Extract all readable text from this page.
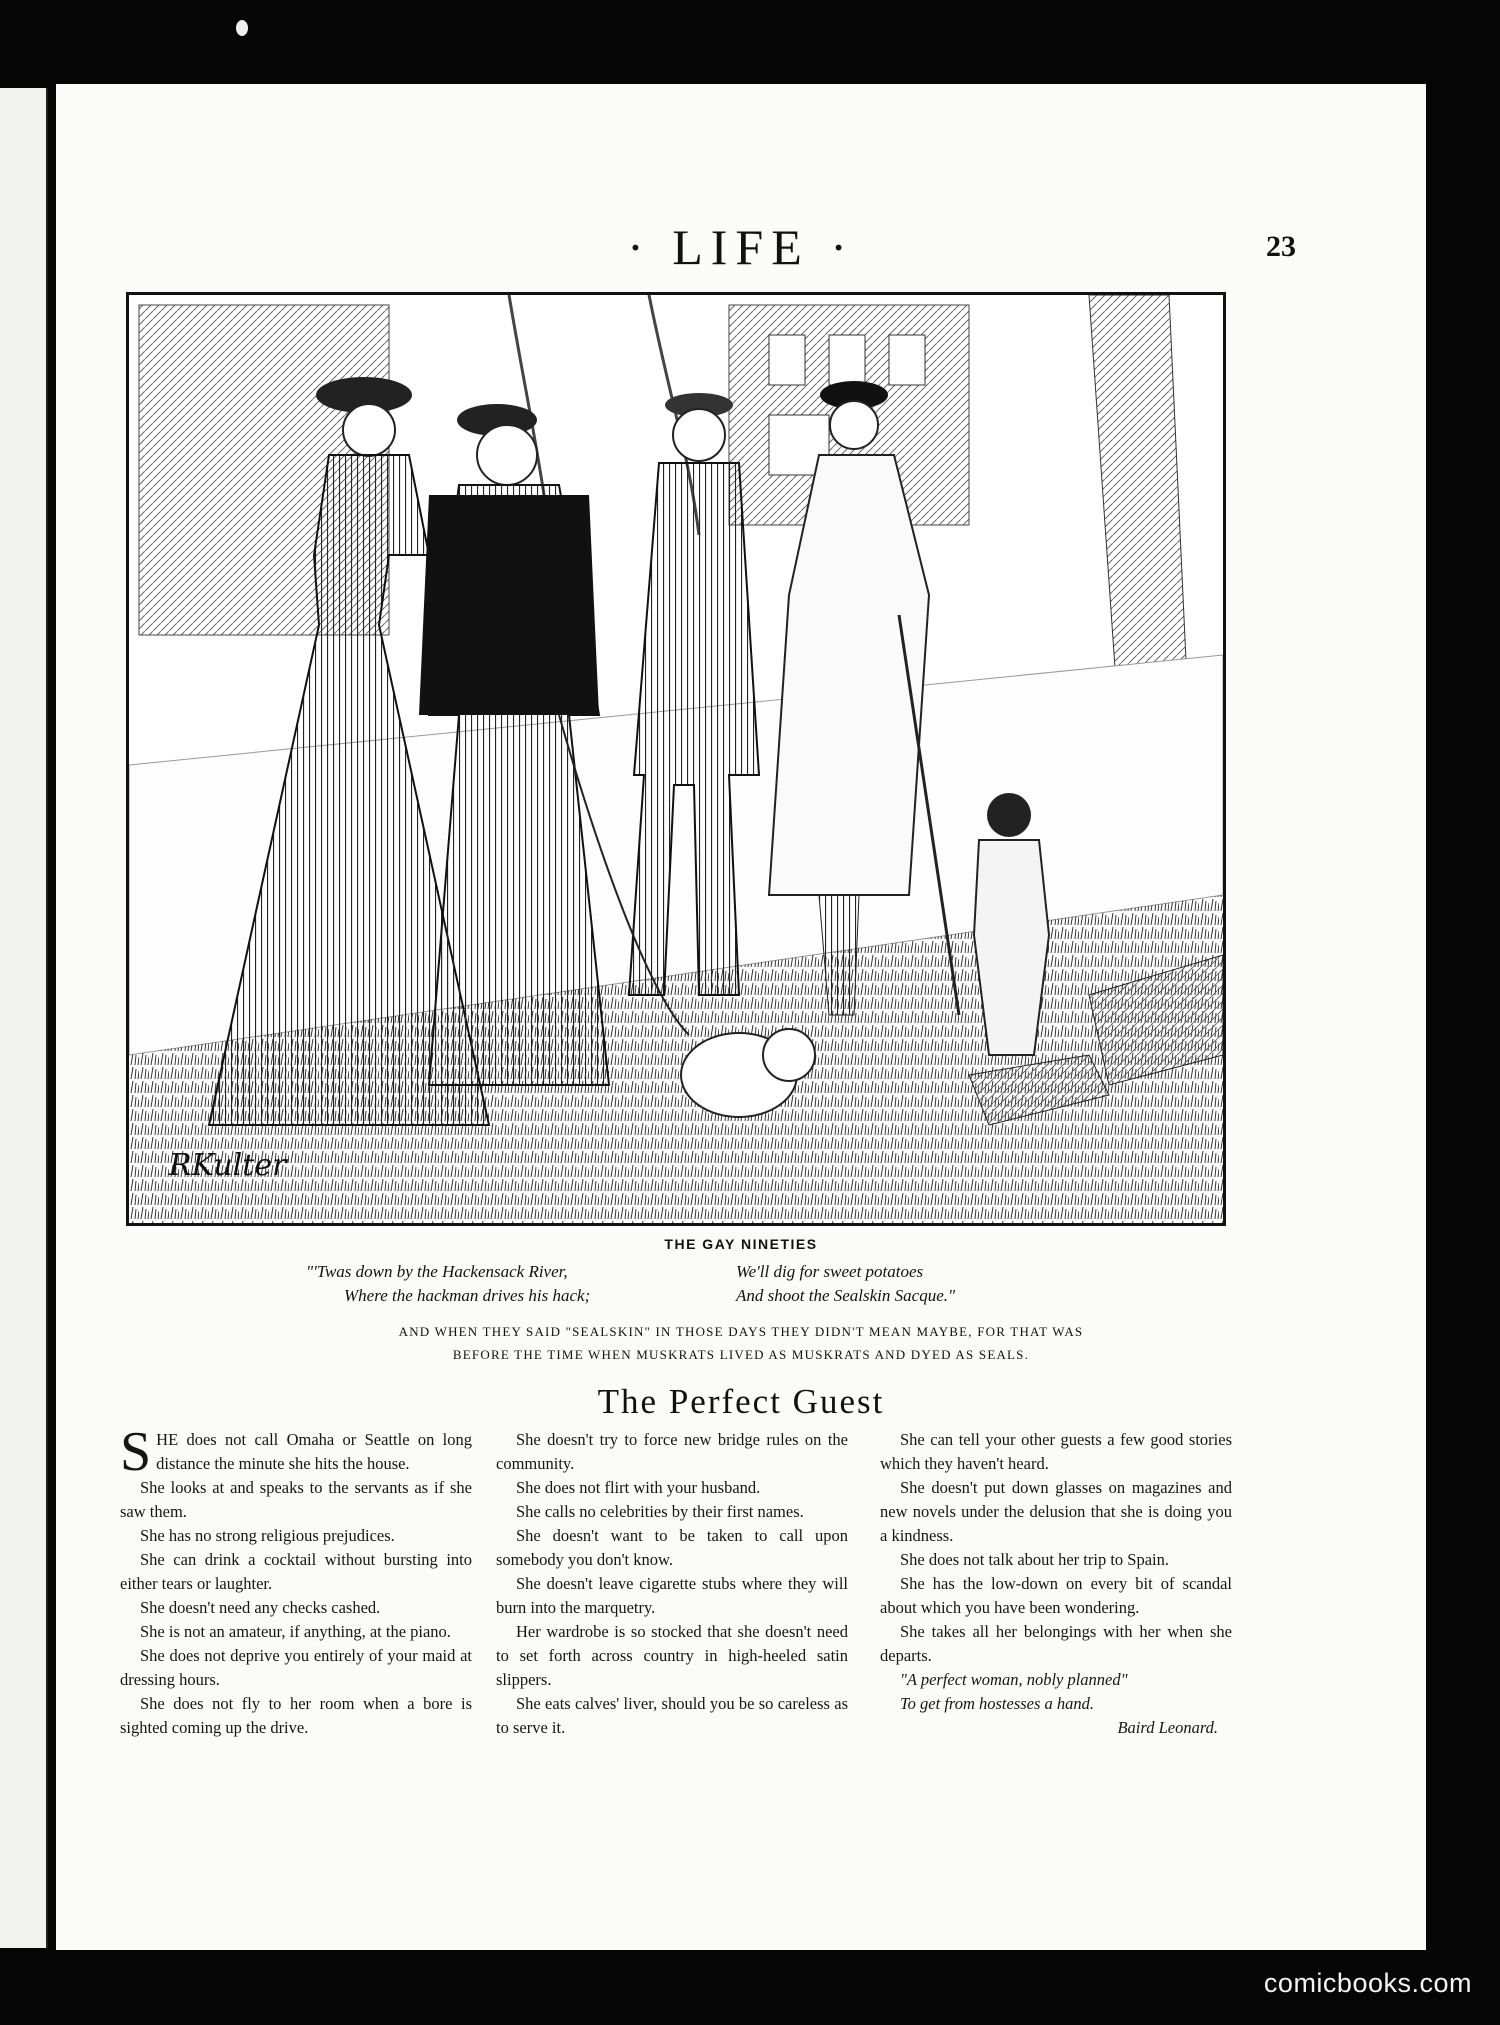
· LIFE ·	23
RKulter
THE GAY NINETIES
"'Twas down by the Hackensack River,
Where the hackman drives his hack;
We'll dig for sweet potatoes
And shoot the Sealskin Sacque."
AND WHEN THEY SAID "SEALSKIN" IN THOSE DAYS THEY DIDN'T MEAN MAYBE, FOR THAT WAS
BEFORE THE TIME WHEN MUSKRATS LIVED AS MUSKRATS AND DYED AS SEALS.
The Perfect Guest

SHE does not call Omaha or Seattle on long distance the minute she hits the house.

She looks at and speaks to the servants as if she saw them.

She has no strong religious prejudices.

She can drink a cocktail without bursting into either tears or laughter.

She doesn't need any checks cashed.

She is not an amateur, if anything, at the piano.

She does not deprive you entirely of your maid at dressing hours.

She does not fly to her room when a bore is sighted coming up the drive.

She doesn't try to force new bridge rules on the community.

She does not flirt with your husband.

She calls no celebrities by their first names.

She doesn't want to be taken to call upon somebody you don't know.

She doesn't leave cigarette stubs where they will burn into the marquetry.

Her wardrobe is so stocked that she doesn't need to set forth across country in high-heeled satin slippers.

She eats calves' liver, should you be so careless as to serve it.

She can tell your other guests a few good stories which they haven't heard.

She doesn't put down glasses on magazines and new novels under the delusion that she is doing you a kindness.

She does not talk about her trip to Spain.

She has the low-down on every bit of scandal about which you have been wondering.

She takes all her belongings with her when she departs.

"A perfect woman, nobly planned"

To get from hostesses a hand.

Baird Leonard.

comicbooks.com
